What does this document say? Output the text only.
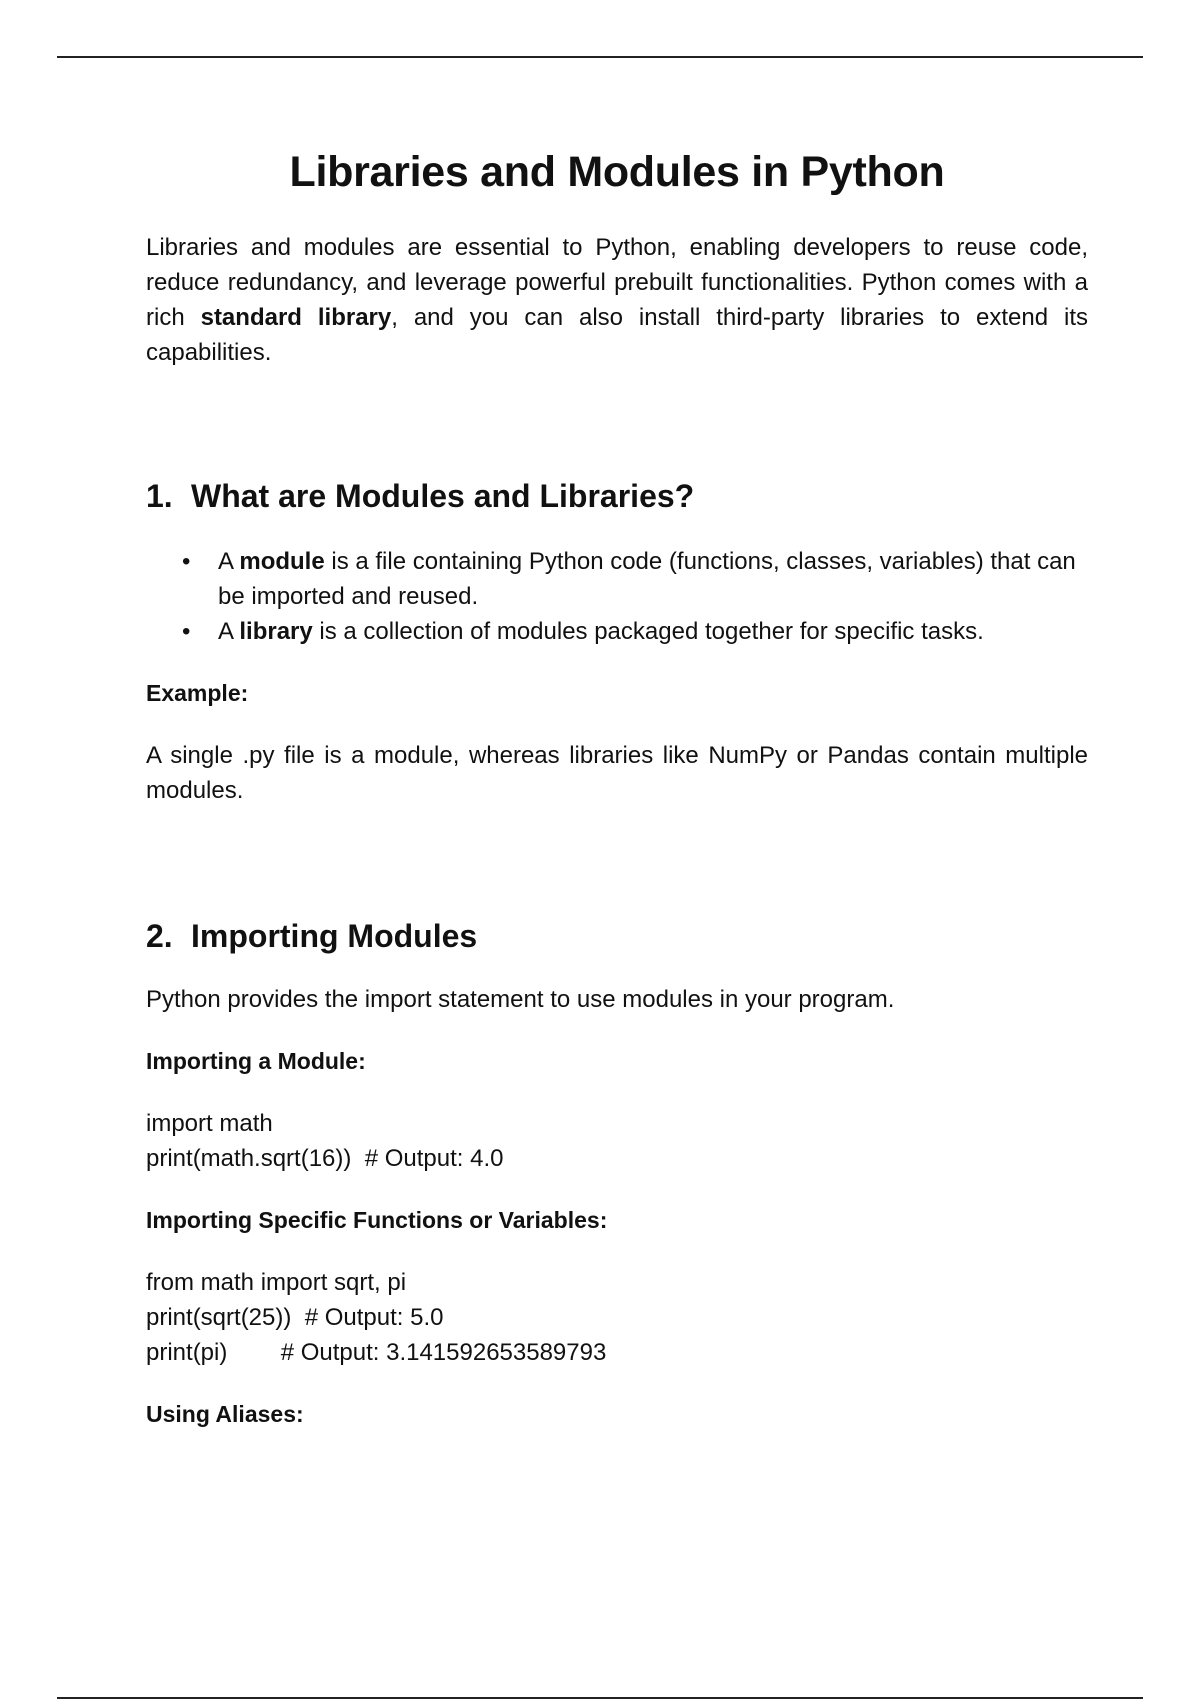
Libraries and Modules in Python

Libraries and modules are essential to Python, enabling developers to reuse code, reduce redundancy, and leverage powerful prebuilt functionalities. Python comes with a rich standard library, and you can also install third-party libraries to extend its capabilities.

1. What are Modules and Libraries?
• A module is a file containing Python code (functions, classes, variables) that can be imported and reused.
• A library is a collection of modules packaged together for specific tasks.

Example:

A single .py file is a module, whereas libraries like NumPy or Pandas contain multiple modules.

2. Importing Modules

Python provides the import statement to use modules in your program.

Importing a Module:

import math
print(math.sqrt(16))  # Output: 4.0

Importing Specific Functions or Variables:

from math import sqrt, pi
print(sqrt(25))  # Output: 5.0
print(pi)        # Output: 3.141592653589793

Using Aliases:
